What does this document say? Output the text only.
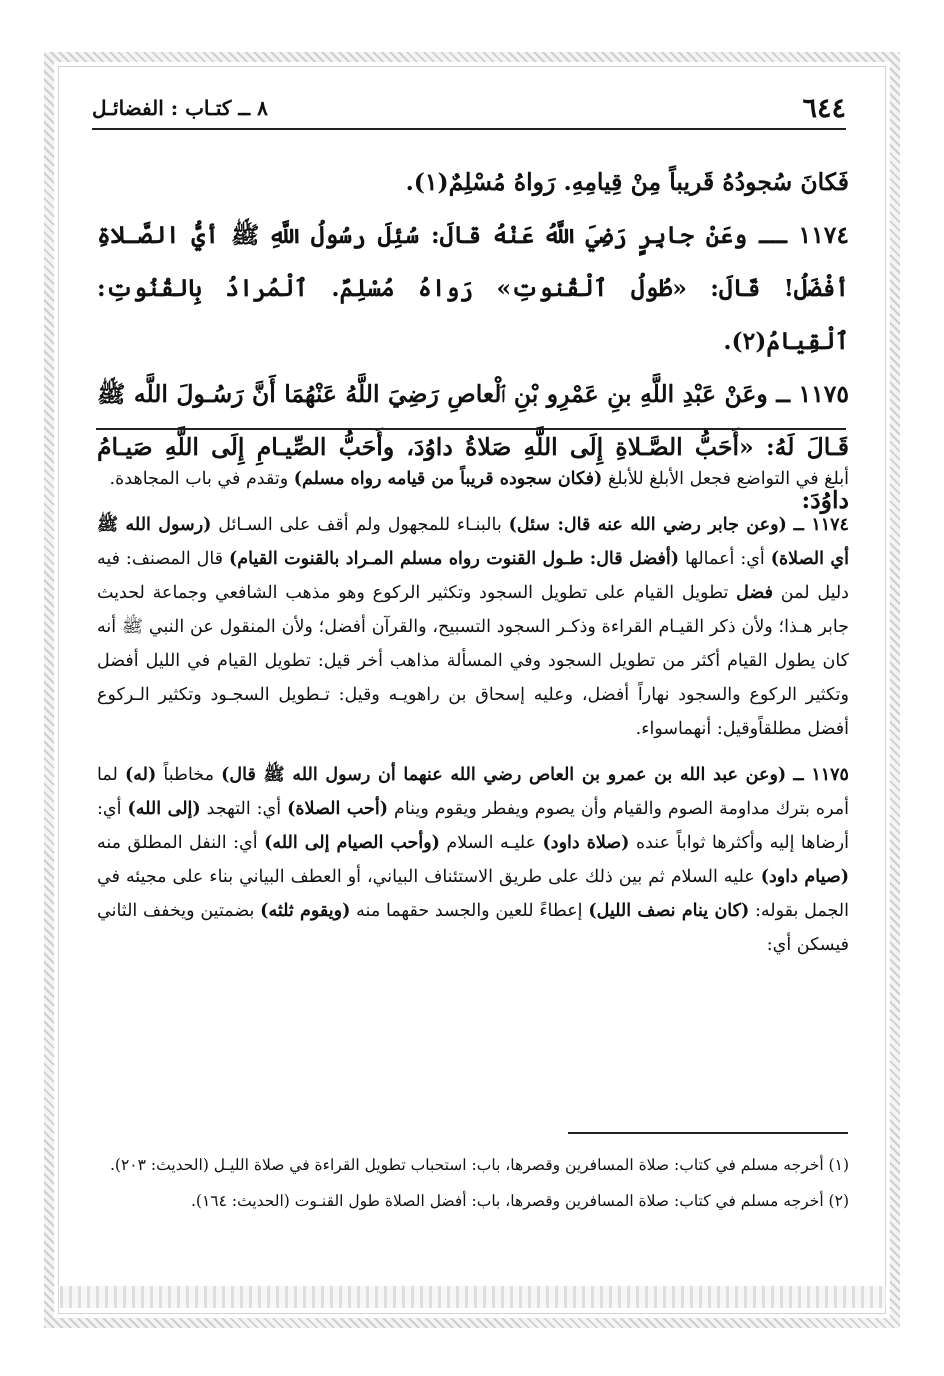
٦٤٤
٨ ــ كتـاب : الفضائـل

فَكانَ سُجودُهُ قَريباً مِنْ قِيامِهِ. رَواهُ مُسْلِمٌ(١).

١١٧٤ ــ وعَنْ جابِرٍ رَضِيَ اللَّهُ عَنْهُ قالَ: سُئِلَ رسُولُ اللَّهِ ﷺ أيُّ الصَّـلاةِ أفْضَلُ! قَالَ: «طُولُ ٱلْقُنوتِ» رَواهُ مُسْلِمٌ. ٱلْمُرادُ بِالقُنُوتِ: ٱلْقِيامُ(٢).

١١٧٥ ــ وعَنْ عَبْدِ اللَّهِ بنِ عَمْرِو بْنِ ٱلْعاصِ رَضِيَ اللَّهُ عَنْهُمَا أَنَّ رَسُـولَ اللَّه ﷺ قَـالَ لَهُ: «أَحَبُّ الصَّـلاةِ إِلَى اللَّهِ صَلاةُ داوُدَ، وأَحَبُّ الصِّيـامِ إِلَى اللَّهِ صَيـامُ داوُدَ:

أبلغ في التواضع فجعل الأبلغ للأبلغ (فكان سجوده قريباً من قيامه رواه مسلم) وتقدم في باب المجاهدة.

١١٧٤ ــ (وعن جابر رضي الله عنه قال: سئل) بالبنـاء للمجهول ولم أقف على السـائل (رسول الله ﷺ أي الصلاة) أي: أعمالها (أفضل قال: طـول القنوت رواه مسلم المـراد بالقنوت القيام) قال المصنف: فيه دليل لمن فضل تطويل القيام على تطويل السجود وتكثير الركوع وهو مذهب الشافعي وجماعة لحديث جابر هـذا؛ ولأن ذكر القيـام القراءة وذكـر السجود التسبيح، والقرآن أفضل؛ ولأن المنقول عن النبي ﷺ أنه كان يطول القيام أكثر من تطويل السجود وفي المسألة مذاهب أخر قيل: تطويل القيام في الليل أفضل وتكثير الركوع والسجود نهاراً أفضل، وعليه إسحاق بن راهويـه وقيل: تـطويل السجـود وتكثير الـركوع أفضل مطلقاًوقيل: أنهماسواء.

١١٧٥ ــ (وعن عبد الله بن عمرو بن العاص رضي الله عنهما أن رسول الله ﷺ قال) مخاطباً (له) لما أمره بترك مداومة الصوم والقيام وأن يصوم ويفطر ويقوم وينام (أحب الصلاة) أي: التهجد (إلى الله) أي: أرضاها إليه وأكثرها ثواباً عنده (صلاة داود) عليـه السلام (وأحب الصيام إلى الله) أي: النفل المطلق منه (صيام داود) عليه السلام ثم بين ذلك على طريق الاستئناف البياني، أو العطف البياني بناء على مجيئه في الجمل بقوله: (كان ينام نصف الليل) إعطاءً للعين والجسد حقهما منه (ويقوم ثلثه) بضمتين ويخفف الثاني فيسكن أي:

(١) أخرجه مسلم في كتاب: صلاة المسافرين وقصرها، باب: استحباب تطويل القراءة في صلاة الليـل (الحديث: ٢٠٣).

(٢) أخرجه مسلم في كتاب: صلاة المسافرين وقصرها، باب: أفضل الصلاة طول القنـوت (الحديث: ١٦٤).
